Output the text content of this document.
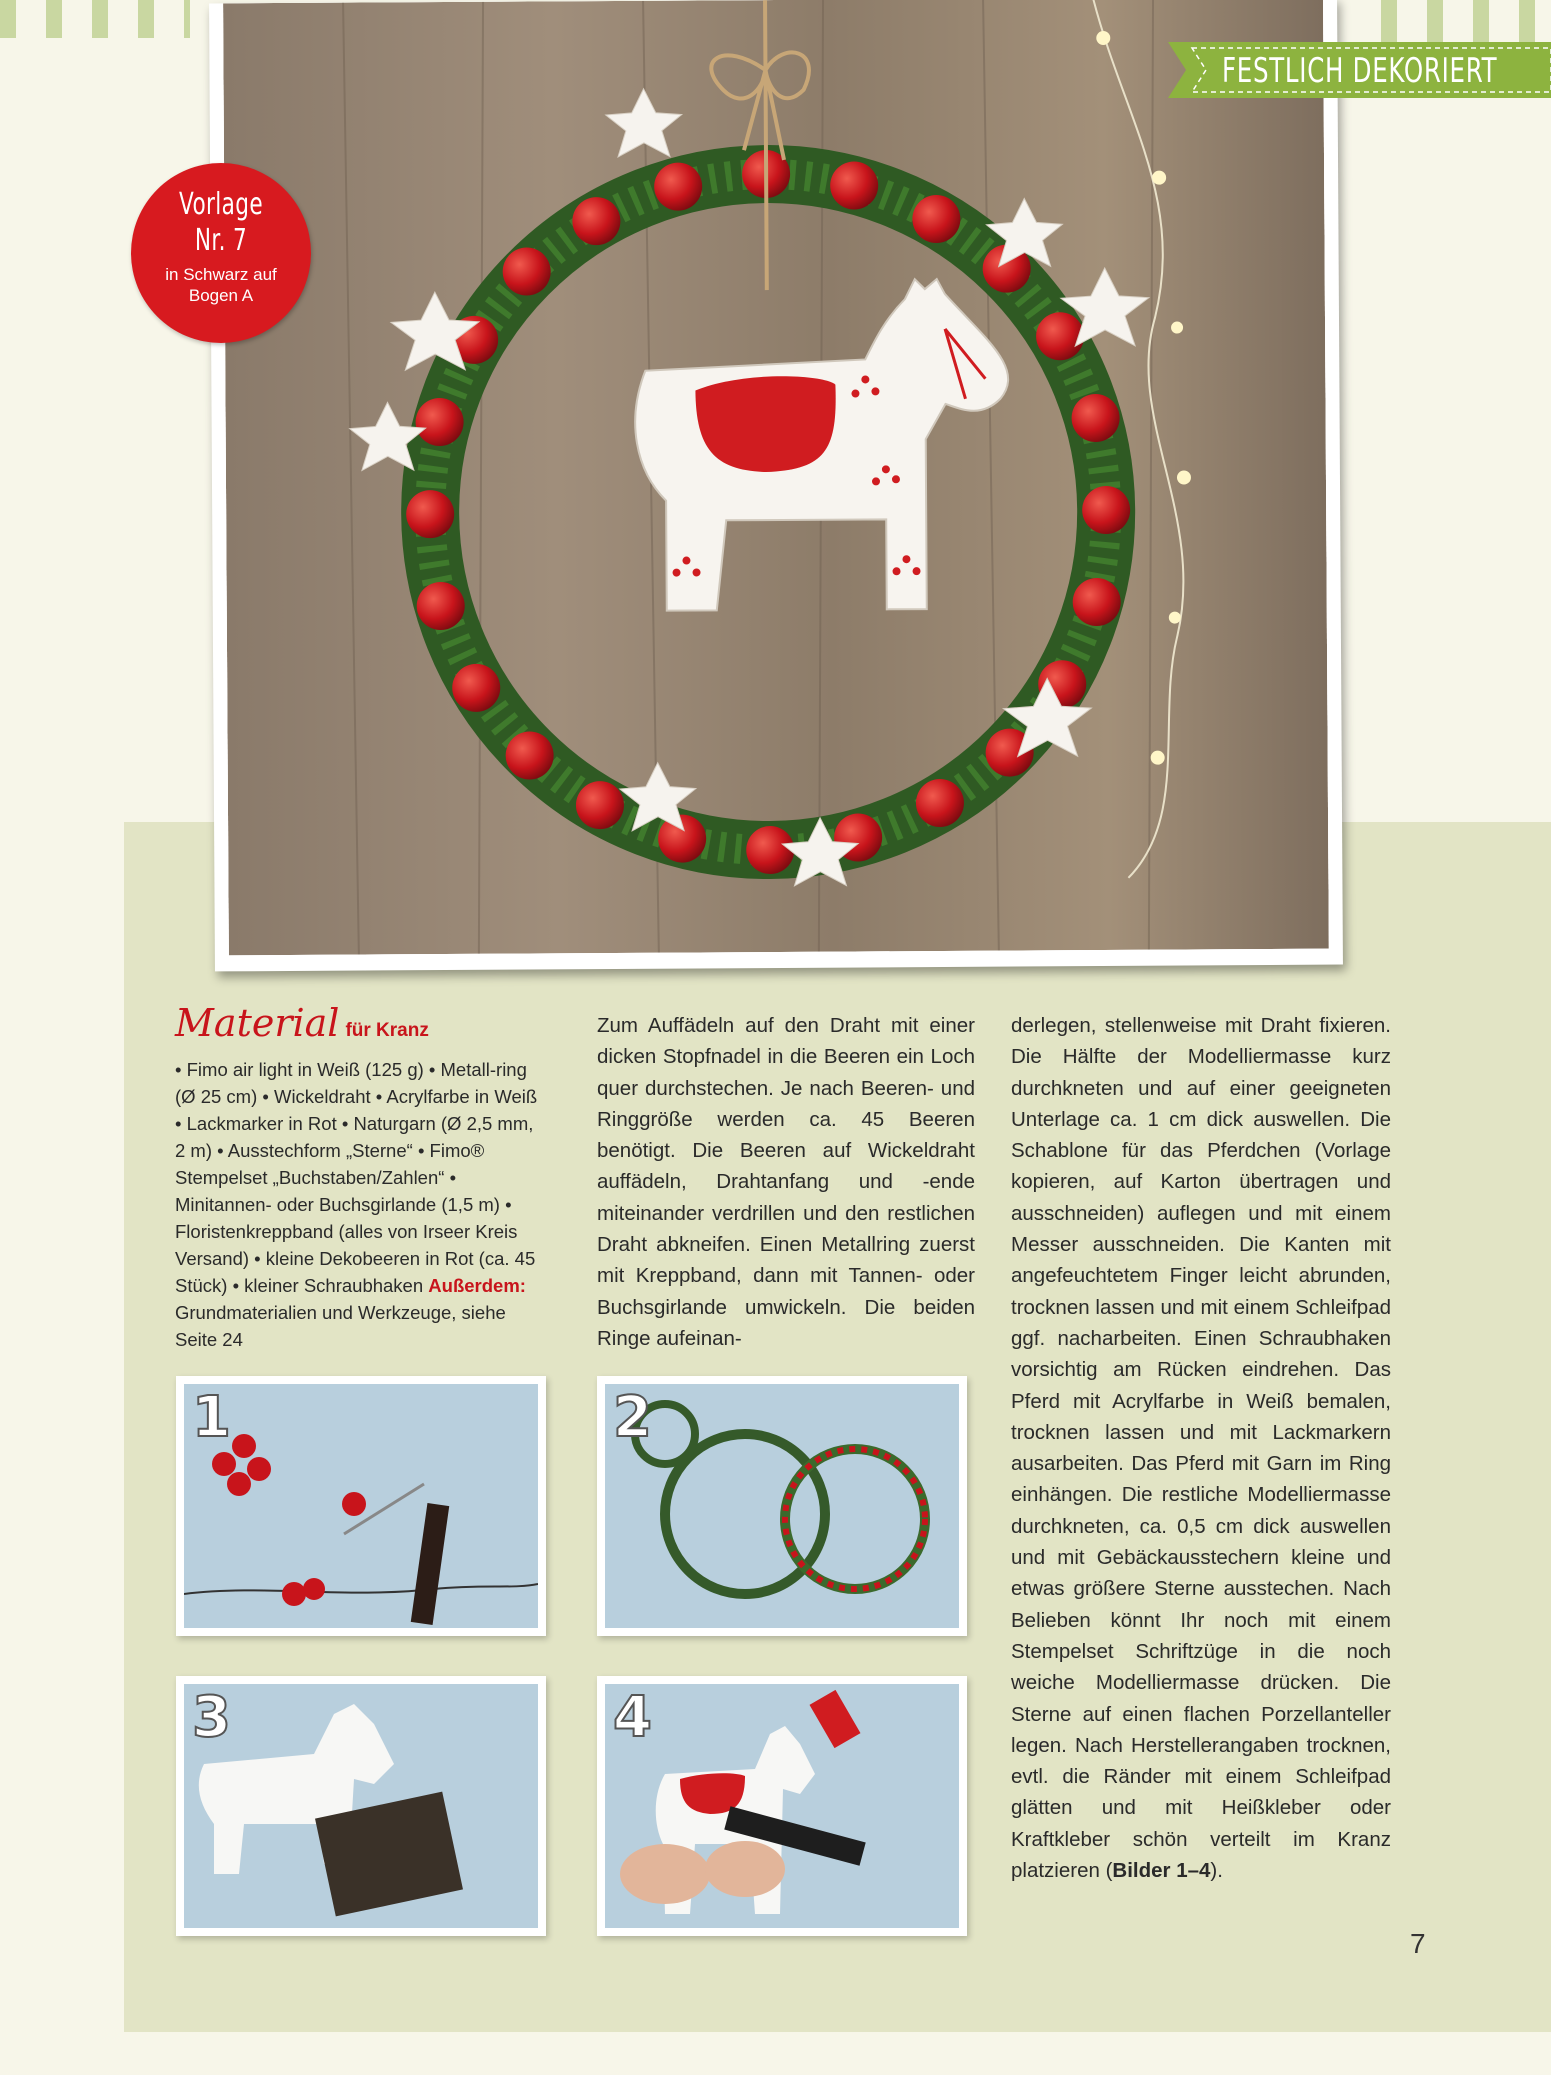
FESTLICH DEKORIERT
Vorlage
Nr. 7
in Schwarz auf
Bogen A
Material für Kranz
• Fimo air light in Weiß (125 g) • Metall-ring (Ø 25 cm) • Wickeldraht • Acrylfarbe in Weiß • Lackmarker in Rot • Naturgarn (Ø 2,5 mm, 2 m) • Ausstechform „Sterne“ • Fimo® Stempelset „Buchstaben/Zahlen“ • Minitannen- oder Buchsgirlande (1,5 m) • Floristenkreppband (alles von Irseer Kreis Versand) • kleine Dekobeeren in Rot (ca. 45 Stück) • kleiner Schraubhaken Außerdem: Grundmaterialien und Werkzeuge, siehe Seite 24

Zum Auffädeln auf den Draht mit einer dicken Stopfnadel in die Beeren ein Loch quer durchstechen. Je nach Beeren- und Ringgröße werden ca. 45 Beeren benötigt. Die Beeren auf Wickeldraht auffädeln, Drahtanfang und -ende miteinander verdrillen und den restlichen Draht abkneifen. Einen Metallring zuerst mit Kreppband, dann mit Tannen- oder Buchsgirlande umwickeln. Die beiden Ringe aufeinan-

derlegen, stellenweise mit Draht fixieren. Die Hälfte der Modelliermasse kurz durchkneten und auf einer geeigneten Unterlage ca. 1 cm dick auswellen. Die Schablone für das Pferdchen (Vorlage kopieren, auf Karton übertragen und ausschneiden) auflegen und mit einem Messer ausschneiden. Die Kanten mit angefeuchtetem Finger leicht abrunden, trocknen lassen und mit einem Schleifpad ggf. nacharbeiten. Einen Schraubhaken vorsichtig am Rücken eindrehen. Das Pferd mit Acrylfarbe in Weiß bemalen, trocknen lassen und mit Lackmarkern ausarbeiten. Das Pferd mit Garn im Ring einhängen. Die restliche Modelliermasse durchkneten, ca. 0,5 cm dick auswellen und mit Gebäckausstechern kleine und etwas größere Sterne ausstechen. Nach Belieben könnt Ihr noch mit einem Stempelset Schriftzüge in die noch weiche Modelliermasse drücken. Die Sterne auf einen flachen Porzellanteller legen. Nach Herstellerangaben trocknen, evtl. die Ränder mit einem Schleifpad glätten und mit Heißkleber oder Kraftkleber schön verteilt im Kranz platzieren (Bilder 1–4).

1	2
3	4
7
